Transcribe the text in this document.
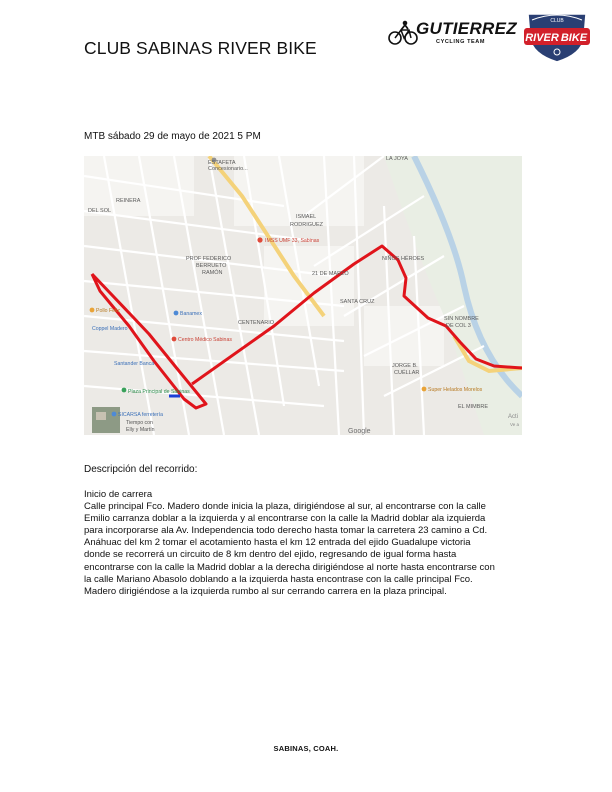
CLUB SABINAS RIVER BIKE
GUTIERREZ
CYCLING TEAM
CLUB
RIVER BIKE
MTB sábado 29 de mayo de 2021 5 PM
ESTAFETA
Concesionario...
LA JOYA
DEL SOL
REINERA
ISMAEL
RODRIGUEZ
IMSS UMF 33, Sabinas
PROF FEDERICO
BERRUETO
RAMÓN	21 DE MARZO
NIÑOS HÉROES
SANTA CRUZ
SIN NOMBRE
DE COL 3
Pollo Feliz	Banamex
Coppel Madero
Centro Médico Sabinas
CENTENARIO
Santander Banca	JORGE B.
CUÉLLAR
Super Helados Morelos
Plaza Principal de Sabinas
EL MIMBRE
SICARSA ferretería
Tiempo con
Elly y Martín	Google
Acti
Ve a
Descripción del recorrido:

Inicio de carrera

Calle principal Fco. Madero donde inicia la plaza, dirigiéndose al sur, al encontrarse con la calle

Emilio carranza doblar a la izquierda y al encontrarse con la calle la Madrid doblar ala izquierda

para incorporarse ala Av. Independencia todo derecho hasta tomar la carretera 23 camino a Cd.

Anáhuac del km 2 tomar el acotamiento hasta el km 12 entrada del ejido Guadalupe victoria

donde se recorrerá un circuito de 8 km dentro del ejido, regresando de igual forma hasta

encontrarse con la calle la Madrid doblar a la derecha dirigiéndose al norte hasta encontrarse con

la calle Mariano Abasolo doblando a la izquierda hasta encontrase con la calle principal Fco.

Madero dirigiéndose a la izquierda rumbo al sur cerrando carrera en la plaza principal.

SABINAS, COAH.
